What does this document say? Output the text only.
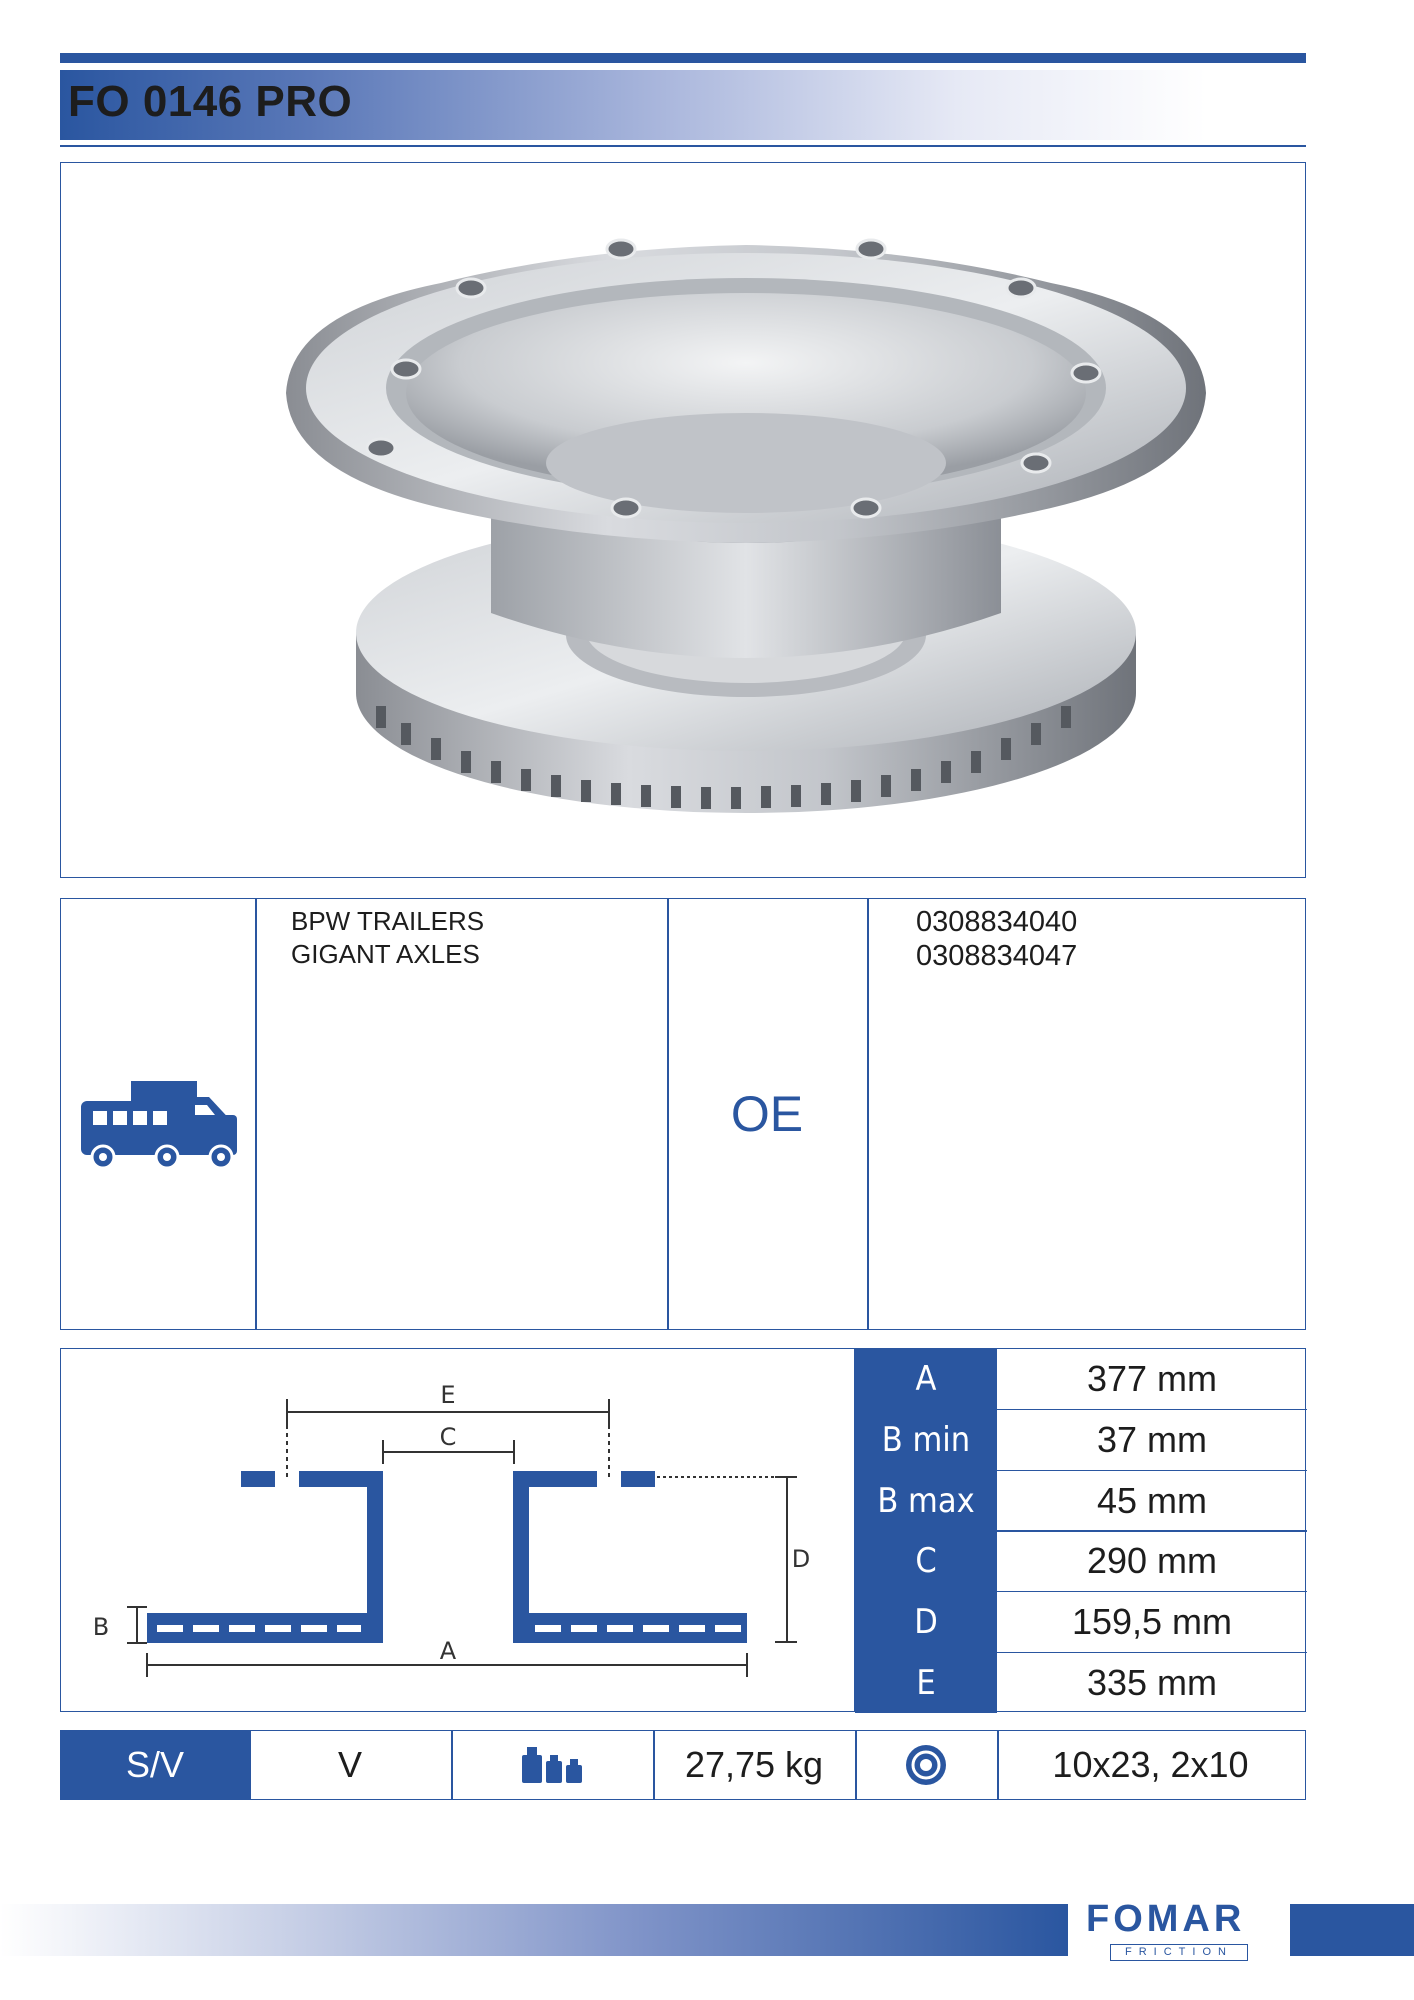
FO 0146 PRO
BPW TRAILERS
GIGANT AXLES
OE
0308834040
0308834047
E
C
D
A
B
A	377 mm
B min	37 mm
B max	45 mm
C	290 mm
D	159,5 mm
E	335 mm
S/V	V	27,75 kg	10x23, 2x10
FOMAR
FRICTION
